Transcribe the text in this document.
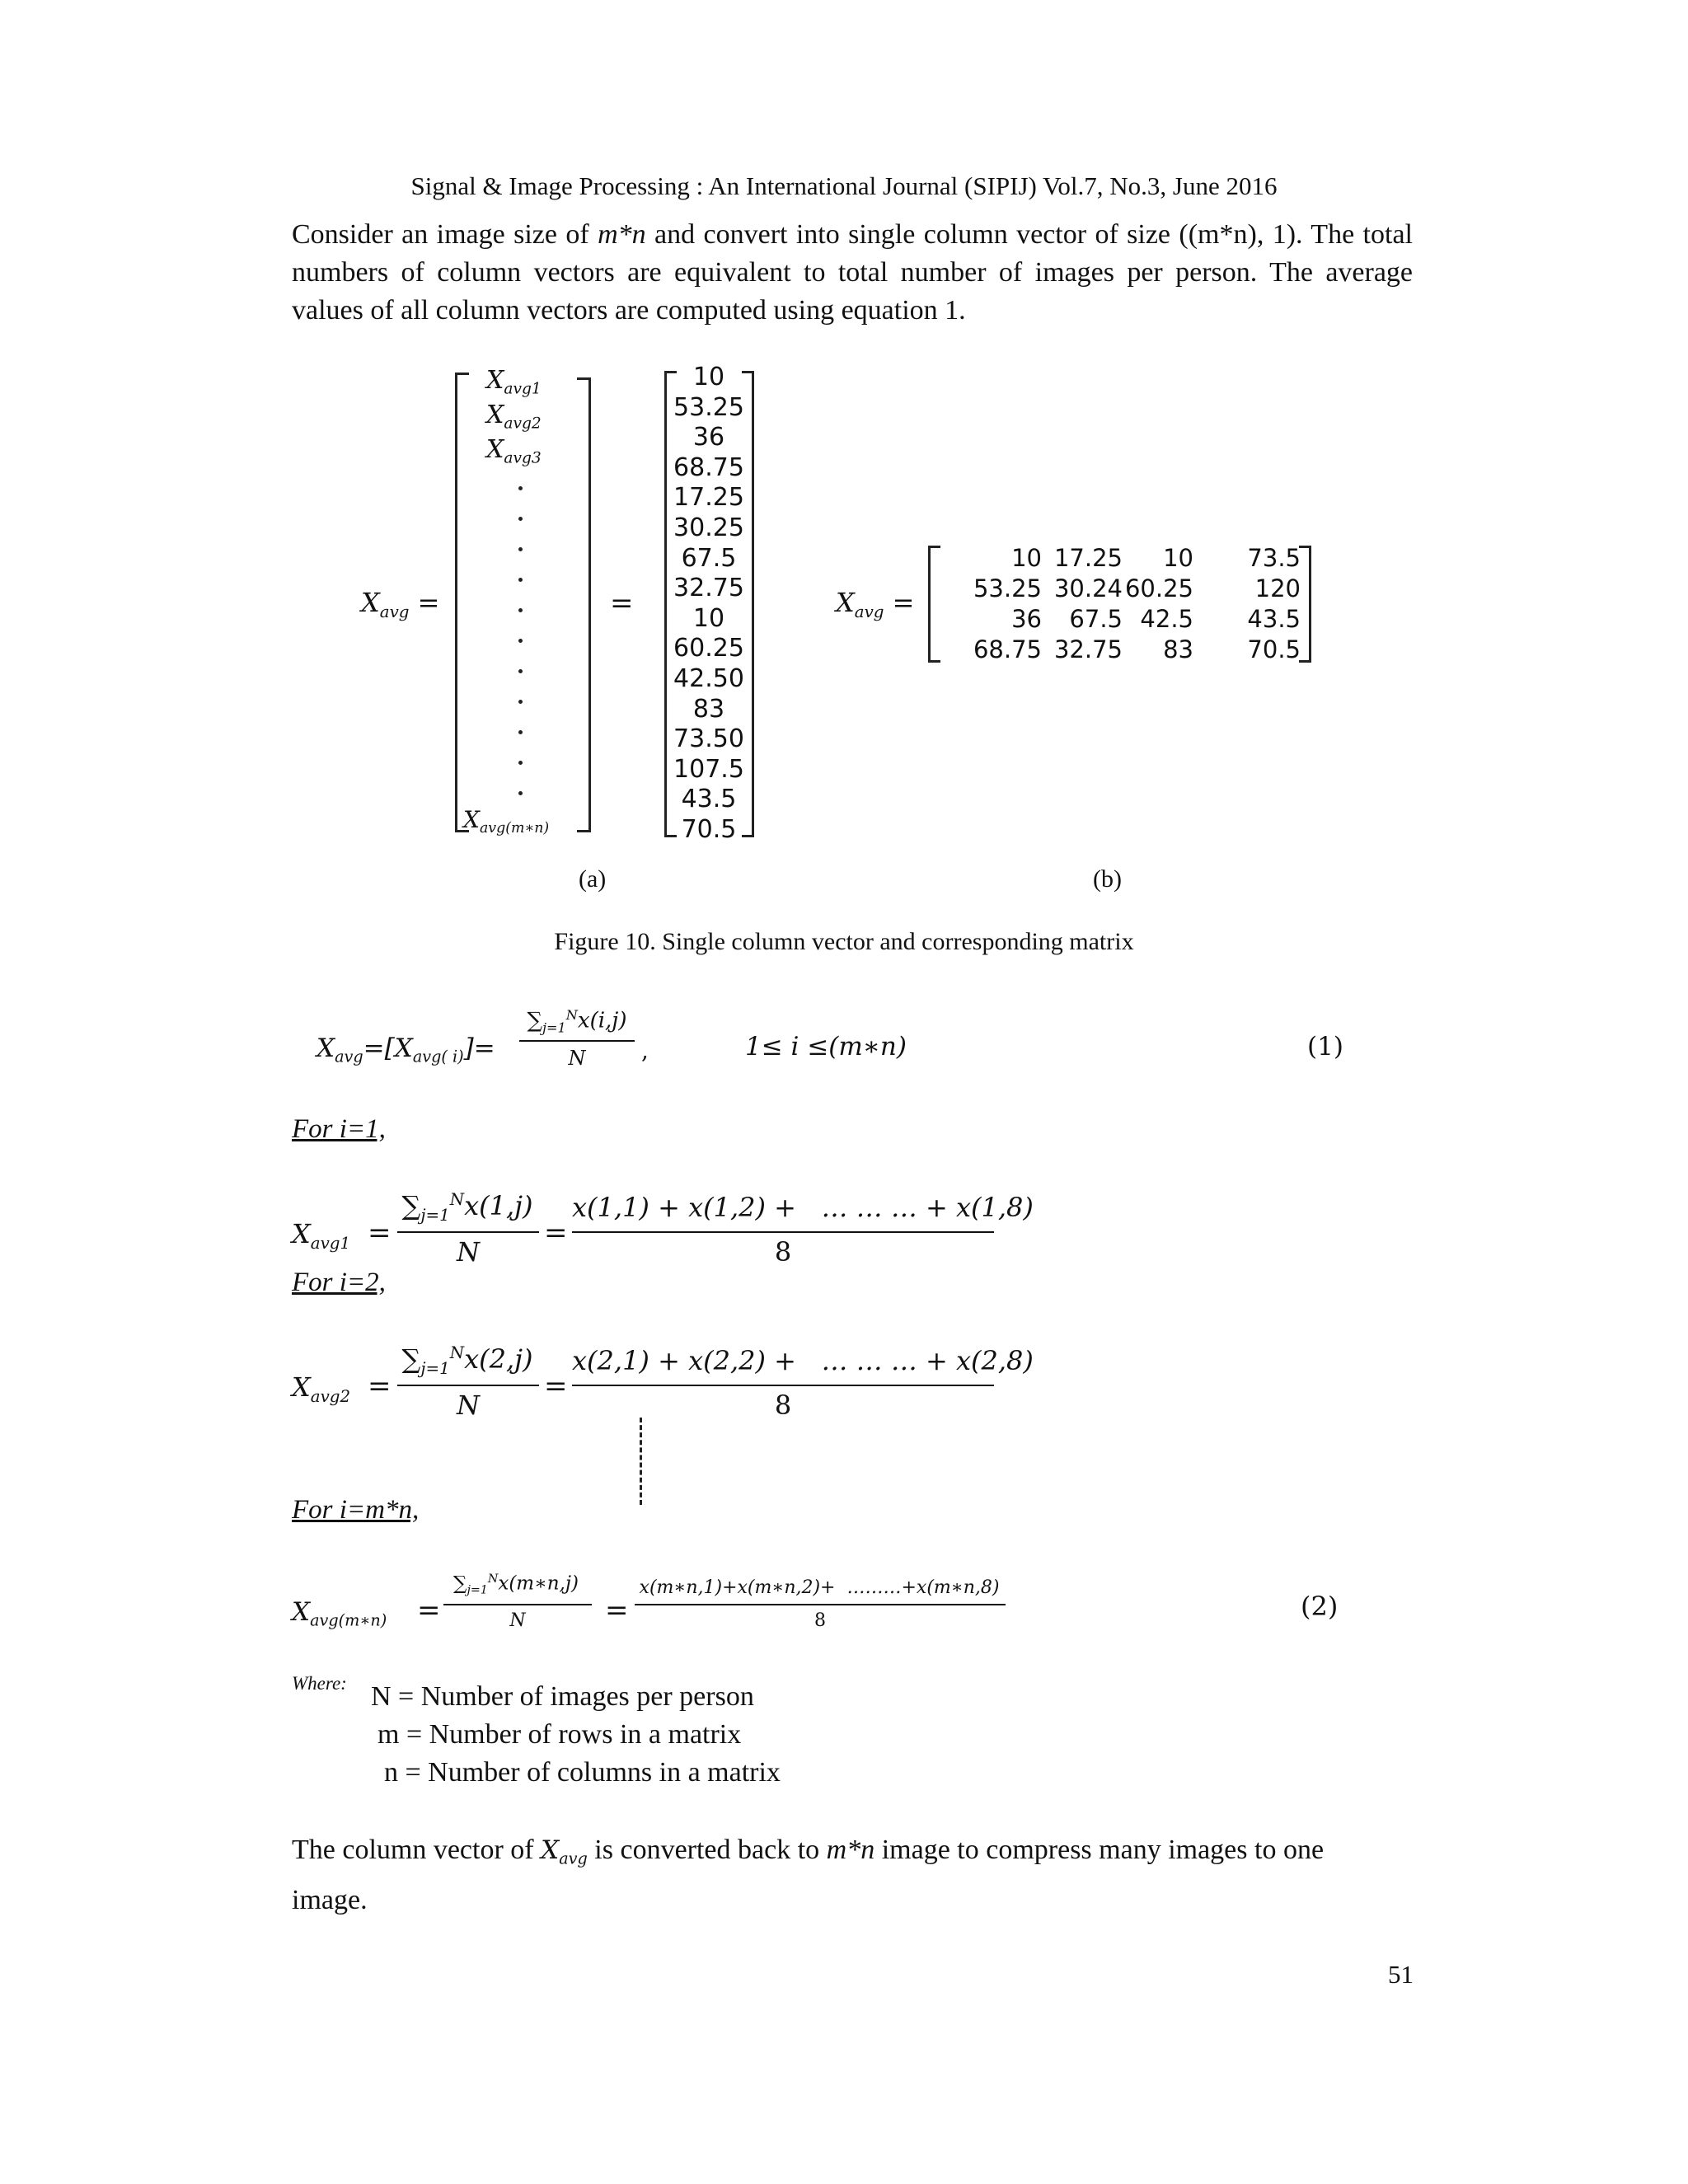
Signal & Image Processing : An International Journal (SIPIJ) Vol.7, No.3, June 2016
Consider an image size of m*n and convert into single column vector of size ((m*n), 1). The total
numbers of column vectors are equivalent to total number of images per person. The average
values of all column vectors are computed using equation 1.
$X_{avg}$ =
$X_{avg1}$
$X_{avg2}$
$X_{avg3}$
$X_{avg(m∗n)}$
=
10
53.25
36
68.75
17.25
30.25
67.5
32.75
10
60.25
42.50
83
73.50
107.5
43.5
70.5
(a)
$X_{avg}$ =
10 17.25	10	73.5
53.25 30.24 60.25	120
36	67.5 42.5	43.5
68.75 32.75	83	70.5
(b)
Figure 10. Single column vector and corresponding matrix
$X_{avg}=[X_{avg( i)}]=$
$\sum_{j=1}^Nx(i,j)$
N	,	1≤ i ≤(m∗n)	(1)
For i=1,
$X_{avg1}$ =
$\sum_{j=1}^Nx(1,j)$
N
=
x(1,1) + x(1,2) +   … … … + x(1,8)
8
For i=2,
$X_{avg2}$ =
$\sum_{j=1}^Nx(2,j)$
N
=
x(2,1) + x(2,2) +   … … … + x(2,8)
8
For i=m*n,
$X_{avg(m∗n)}$ =
$\sum_{j=1}^Nx(m∗n,j)$
N	=
x(m∗n,1)+x(m∗n,2)+  ………+x(m∗n,8)
8	(2)
Where: N = Number of images per person
m = Number of rows in a matrix
n = Number of columns in a matrix
The column vector of $X_{avg}$ is converted back to m*n image to compress many images to one
image.
51
